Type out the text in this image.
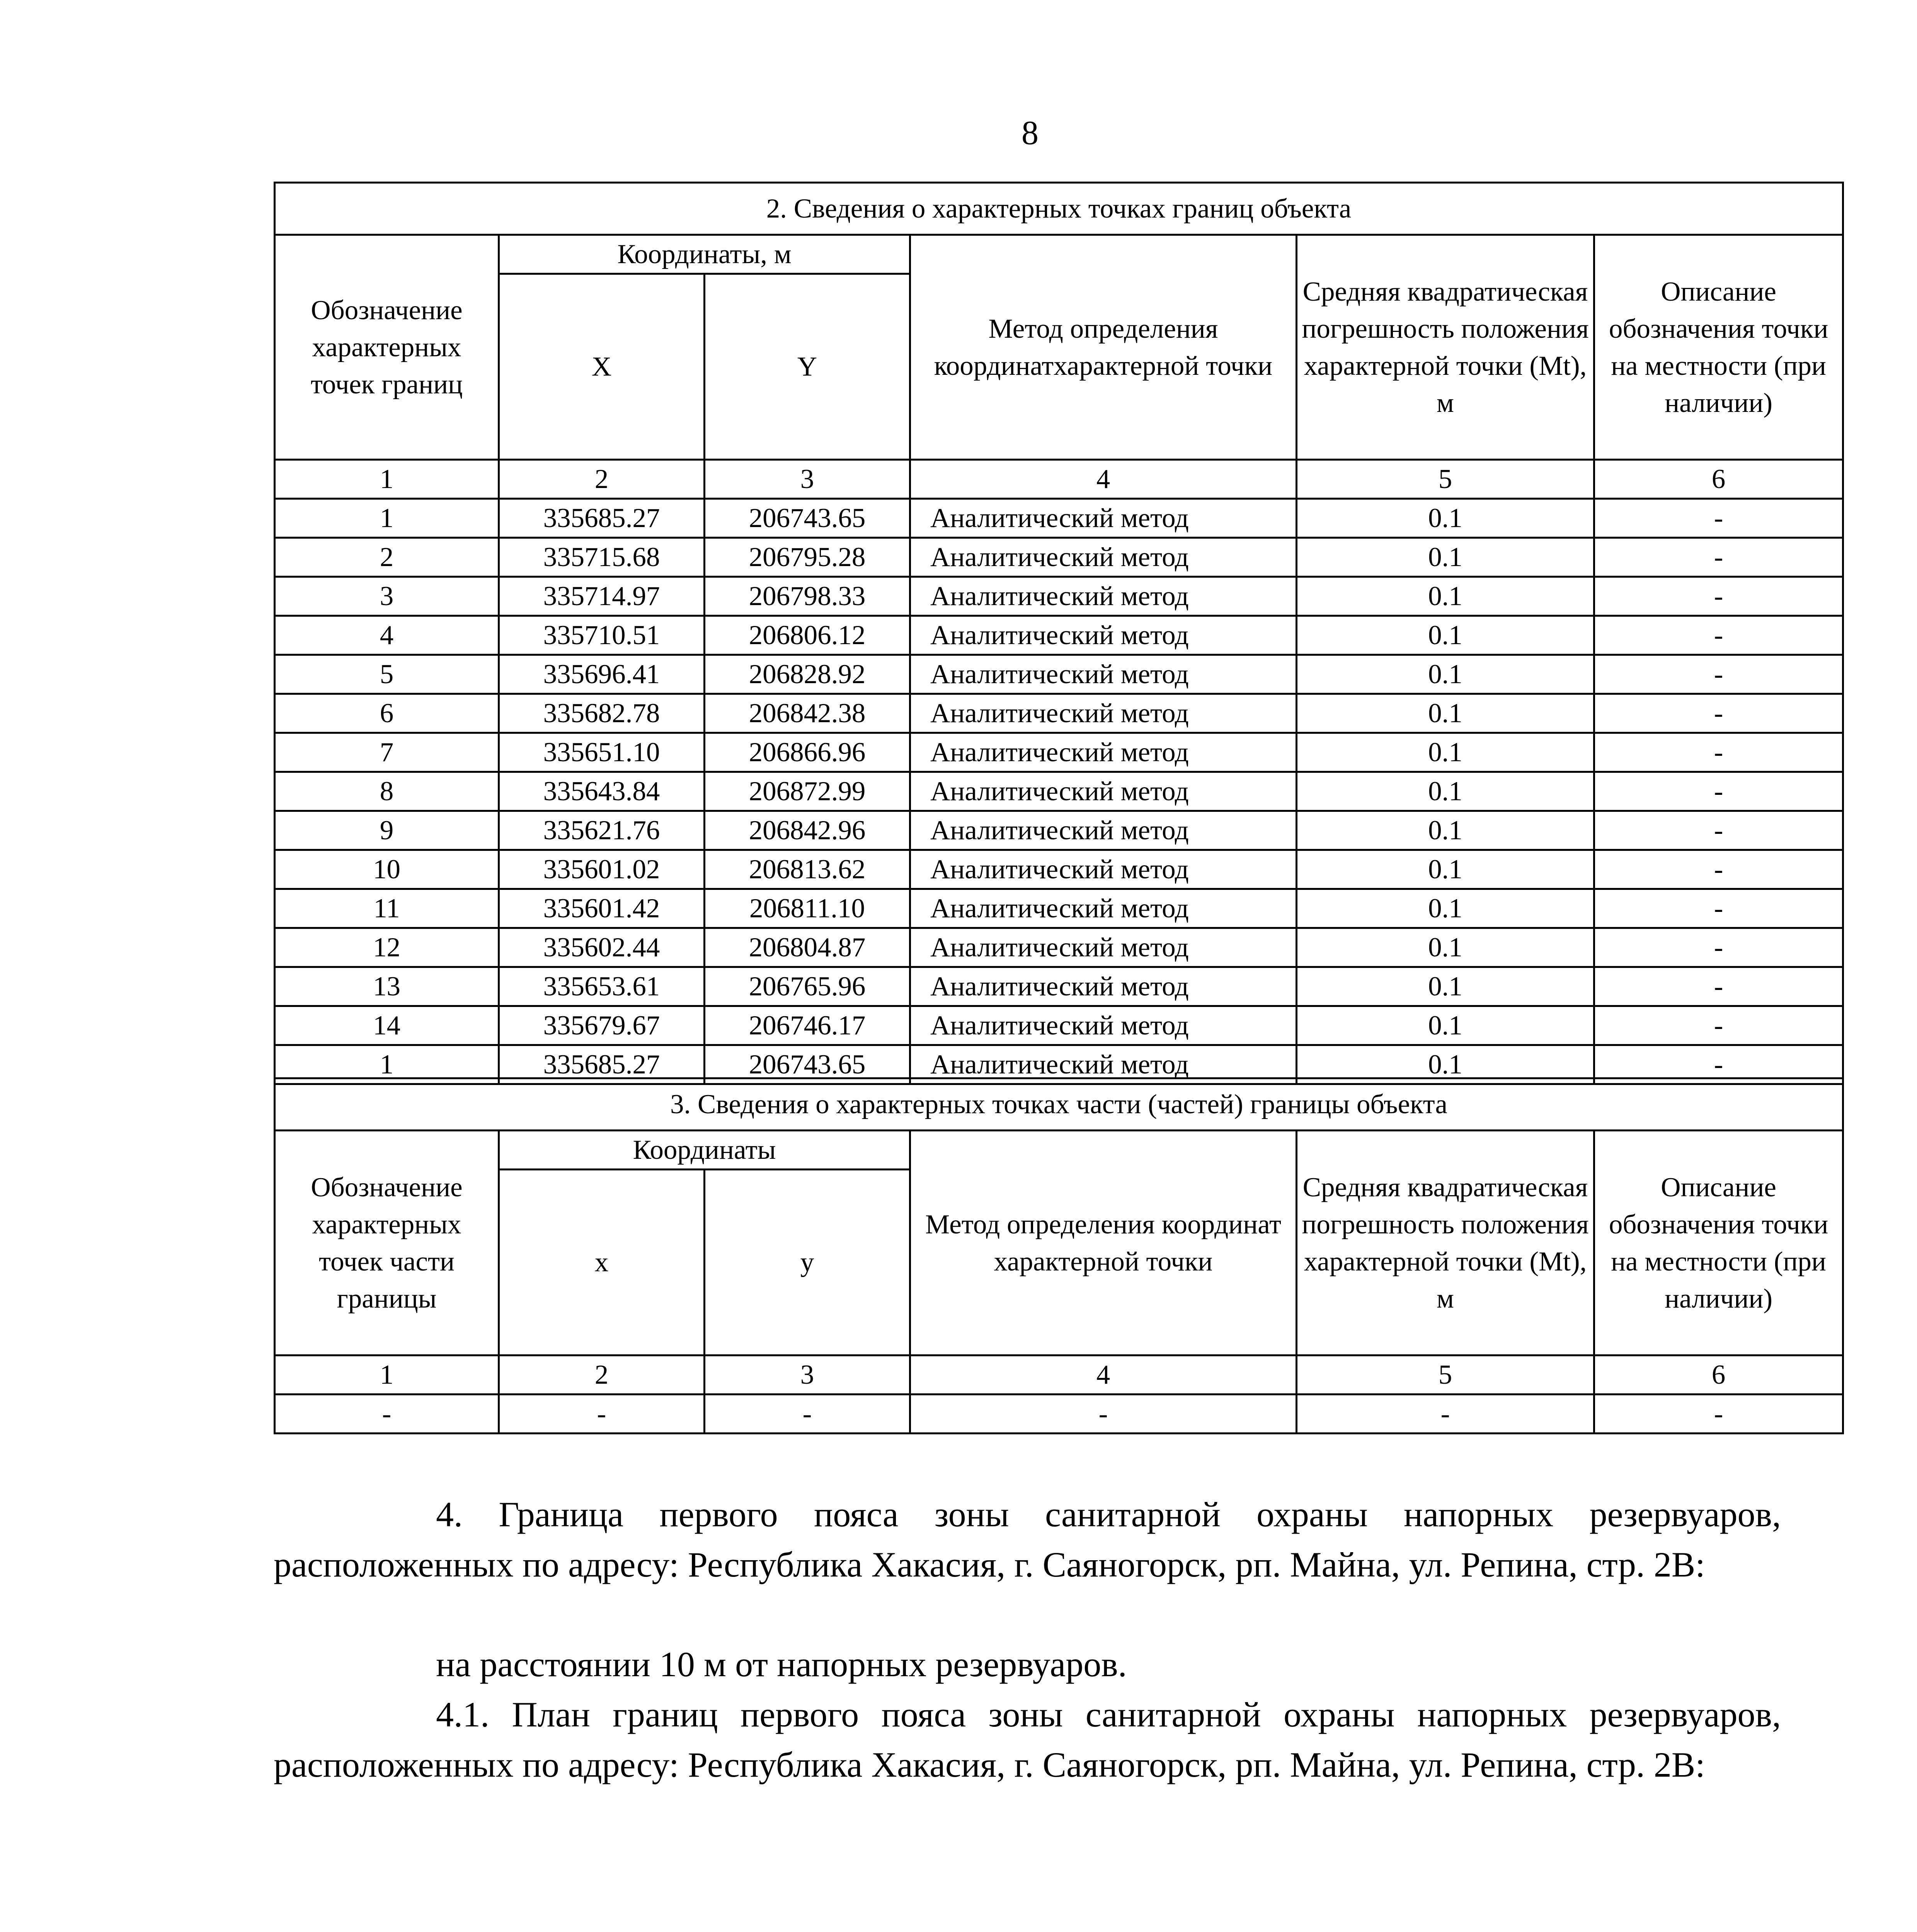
8
2. Сведения о характерных точках границ объекта					
Обозначение характерных точек границ	Координаты, м		Метод определения координатхарактерной точки	Средняя квадратическая погрешность положения характерной точки (Mt), м	Описание обозначения точки на местности (при наличии)
	X	Y			
1	2	3	4	5	6
1	335685.27	206743.65	Аналитический метод	0.1	-
2	335715.68	206795.28	Аналитический метод	0.1	-
3	335714.97	206798.33	Аналитический метод	0.1	-
4	335710.51	206806.12	Аналитический метод	0.1	-
5	335696.41	206828.92	Аналитический метод	0.1	-
6	335682.78	206842.38	Аналитический метод	0.1	-
7	335651.10	206866.96	Аналитический метод	0.1	-
8	335643.84	206872.99	Аналитический метод	0.1	-
9	335621.76	206842.96	Аналитический метод	0.1	-
10	335601.02	206813.62	Аналитический метод	0.1	-
11	335601.42	206811.10	Аналитический метод	0.1	-
12	335602.44	206804.87	Аналитический метод	0.1	-
13	335653.61	206765.96	Аналитический метод	0.1	-
14	335679.67	206746.17	Аналитический метод	0.1	-
1	335685.27	206743.65	Аналитический метод	0.1	-
3. Сведения о характерных точках части (частей) границы объекта					
Обозначение характерных точек части границы	Координаты		Метод определения координат характерной точки	Средняя квадратическая погрешность положения характерной точки (Mt), м	Описание обозначения точки на местности (при наличии)
	x	y			
1	2	3	4	5	6
-	-	-	-	-	-

4. Граница первого пояса зоны санитарной охраны напорных резервуаров, расположенных по адресу: Республика Хакасия, г. Саяногорск, рп. Майна, ул. Репина, стр. 2В:

на расстоянии 10 м от напорных резервуаров.

4.1. План границ первого пояса зоны санитарной охраны напорных резервуаров, расположенных по адресу: Республика Хакасия, г. Саяногорск, рп. Майна, ул. Репина, стр. 2В:
